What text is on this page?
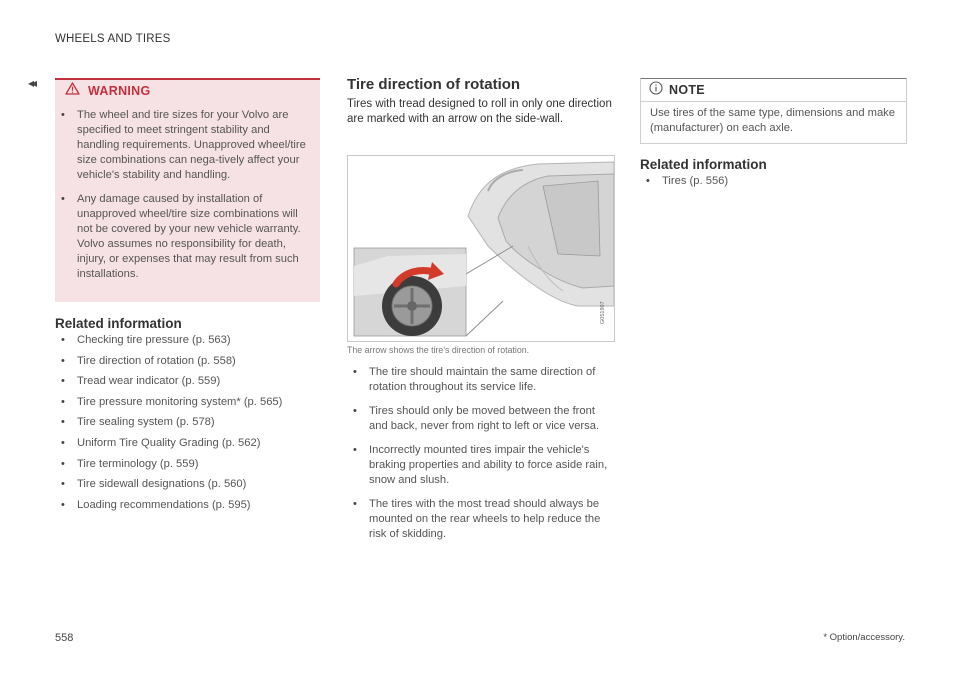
WHEELS AND TIRES
◂◂
WARNING
• The wheel and tire sizes for your Volvo are specified to meet stringent stability and handling requirements. Unapproved wheel/tire size combinations can nega-tively affect your vehicle's stability and handling.
• Any damage caused by installation of unapproved wheel/tire size combinations will not be covered by your new vehicle warranty. Volvo assumes no responsibility for death, injury, or expenses that may result from such installations.
Related information
• Checking tire pressure (p. 563)
• Tire direction of rotation (p. 558)
• Tread wear indicator (p. 559)
• Tire pressure monitoring system* (p. 565)
• Tire sealing system (p. 578)
• Uniform Tire Quality Grading (p. 562)
• Tire terminology (p. 559)
• Tire sidewall designations (p. 560)
• Loading recommendations (p. 595)
Tire direction of rotation
Tires with tread designed to roll in only one direction are marked with an arrow on the side-wall.
G051907
The arrow shows the tire's direction of rotation.
• The tire should maintain the same direction of rotation throughout its service life.
• Tires should only be moved between the front and back, never from right to left or vice versa.
• Incorrectly mounted tires impair the vehicle's braking properties and ability to force aside rain, snow and slush.
• The tires with the most tread should always be mounted on the rear wheels to help reduce the risk of skidding.
NOTE
Use tires of the same type, dimensions and make (manufacturer) on each axle.
Related information
• Tires (p. 556)
558	* Option/accessory.
